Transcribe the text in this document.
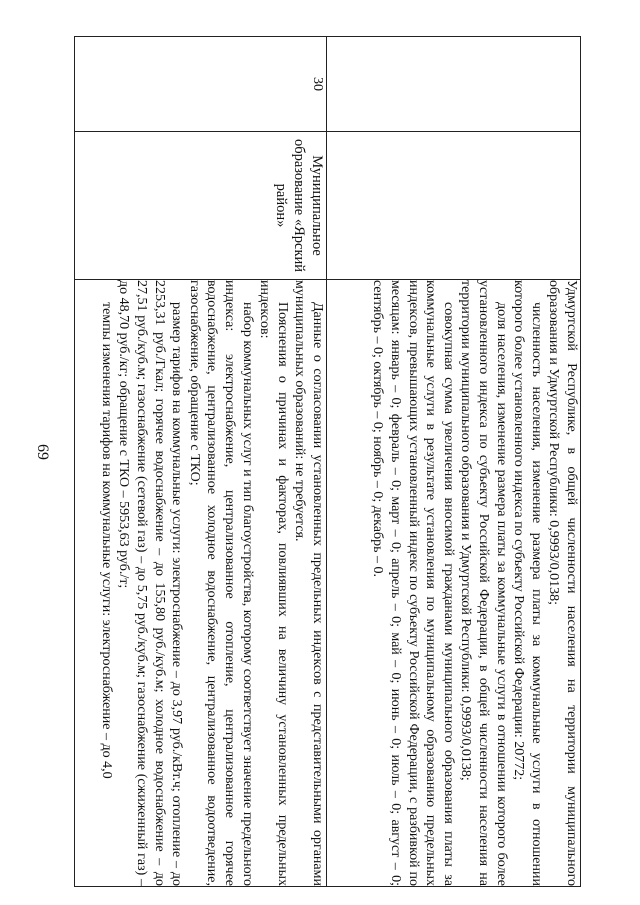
69

		Удмуртской Республике, в общей численности населения на территории муниципального образования и Удмуртской Республики: 0,9993/0,0138;

численность населения, изменение размера платы за коммунальные услуги в отношении которого более установленного индекса по субъекту Российской Федерации: 20772;

доля населения, изменение размера платы за коммунальные услуги в отношении которого более установленного индекса по субъекту Российской Федерации, в общей численности населения на территории муниципального образования и Удмуртской Республики: 0,9993/0,0138;

совокупная сумма увеличения вносимой гражданами муниципального образования платы за коммунальные услуги в результате установления по муниципальному образованию предельных индексов, превышающих установленный индекс по субъекту Российской Федерации, с разбивкой по месяцам: январь – 0; февраль – 0; март – 0; апрель – 0; май – 0; июнь – 0; июль – 0; август – 0; сентябрь – 0; октябрь – 0; ноябрь – 0; декабрь – 0.

30	Муниципальное образование «Ярский район»	Данные о согласовании установленных предельных индексов с представительными органами муниципальных образований: не требуется.

Пояснения о причинах и факторах, повлиявших на величину установленных предельных индексов:

набор коммунальных услуг и тип благоустройства, которому соответствует значение предельного индекса: электроснабжение, централизованное отопление, централизованное горячее водоснабжение, централизованное холодное водоснабжение, централизованное водоотведение, газоснабжение, обращение с ТКО;

размер тарифов на коммунальные услуги: электроснабжение – до 3,97 руб./кВт.ч; отопление – до 2253,31 руб./Гкал; горячее водоснабжение – до 155,80 руб./куб.м; холодное водоснабжение – до 27,51 руб./куб.м; газоснабжение (сетевой газ) – до 5,75 руб./куб.м; газоснабжение (сжиженный газ) – до 48,70 руб./кг; обращение с ТКО – 5953,63 руб./т;

темпы изменения тарифов на коммунальные услуги: электроснабжение – до 4,0
